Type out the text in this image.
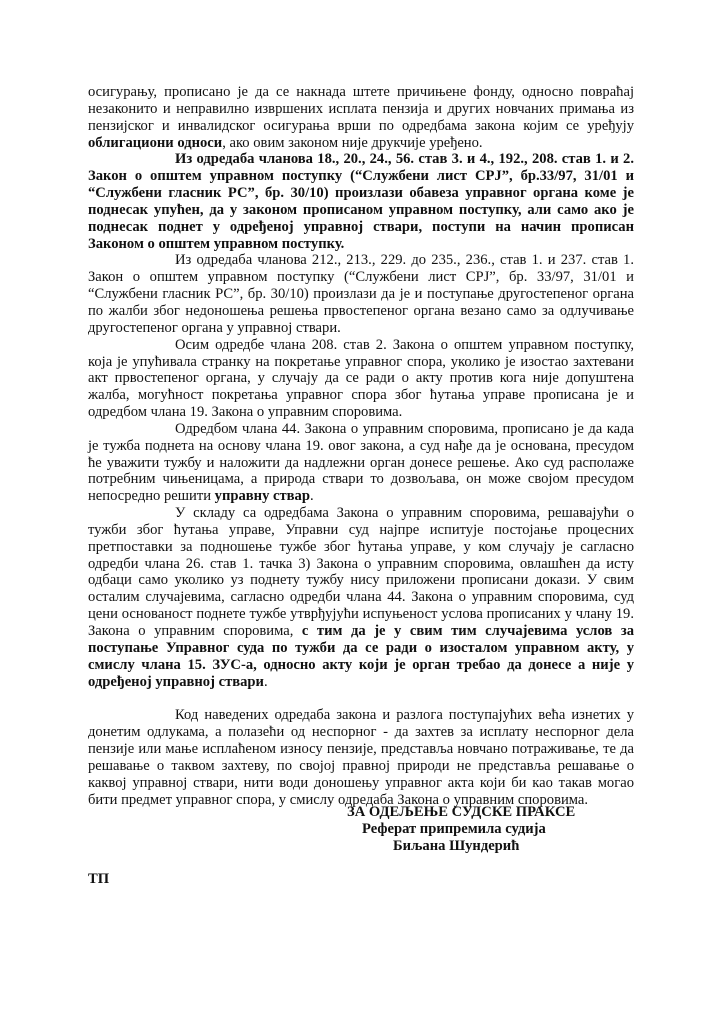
осигурању, прописано је да се накнада штете причињене фонду, односно повраћај незаконито и неправилно извршених исплата пензија и других новчаних примања из пензијског и инвалидског осигурања врши по одредбама закона којим се уређују облигациони односи, ако овим законом није друкчије уређено.

Из одредаба чланова 18., 20., 24., 56. став 3. и 4., 192., 208. став 1. и 2. Закон о општем управном поступку (“Службени лист СРЈ”, бр.33/97, 31/01 и “Службени гласник РС”, бр. 30/10) произлази обавеза управног органа коме је поднесак упућен, да у законом прописаном управном поступку, али само ако је поднесак поднет у одређеној управној ствари, поступи на начин прописан Законом о општем управном поступку.

Из одредаба чланова 212., 213., 229. до 235., 236., став 1. и 237. став 1. Закон о општем управном поступку (“Службени лист СРЈ”, бр. 33/97, 31/01 и “Службени гласник РС”, бр. 30/10) произлази да је и поступање другостепеног органа по жалби због недоношења решења првостепеног органа везано само за одлучивање другостепеног органа у управној ствари.

Осим одредбе члана 208. став 2. Закона о општем управном поступку, која је упућивала странку на покретање управног спора, уколико је изостао захтевани акт првостепеног органа, у случају да се ради о акту против кога није допуштена жалба, могућност покретања управног спора због ћутања управе прописана је и одредбом члана 19. Закона о управним споровима.

Одредбом члана 44. Закона о управним споровима, прописано је да када је тужба поднета на основу члана 19. овог закона, а суд нађе да је основана, пресудом ће уважити тужбу и наложити да надлежни орган донесе решење. Ако суд располаже потребним чињеницама, а природа ствари то дозвољава, он може својом пресудом непосредно решити управну ствар.

У складу са одредбама Закона о управним споровима, решавајући о тужби због ћутања управе, Управни суд најпре испитује постојање процесних претпоставки за подношење тужбе због ћутања управе, у ком случају је сагласно одредби члана 26. став 1. тачка 3) Закона о управним споровима, овлашћен да исту одбаци само уколико уз поднету тужбу нису приложени прописани докази. У свим осталим случајевима, сагласно одредби члана 44. Закона о управним споровима, суд цени основаност поднете тужбе утврђујући испуњеност услова прописаних у члану 19. Закона о управним споровима, с тим да је у свим тим случајевима услов за поступање Управног суда по тужби да се ради о изосталом управном акту, у смислу члана 15. ЗУС-а, односно акту који је орган требао да донесе а није у одређеној управној ствари.

Код наведених одредаба закона и разлога поступајућих већа изнетих у донетим одлукама, а полазећи од неспорног - да захтев за исплату неспорног дела пензије или мање исплаћеном износу пензије, представља новчано потраживање, те да решавање о таквом захтеву, по својој правној природи не представља решавање о каквој управној ствари, нити води доношењу управног акта који би као такав могао бити предмет управног спора, у смислу одредаба Закона о управним споровима.

ЗА ОДЕЉЕЊЕ СУДСКЕ ПРАКСЕ
Реферат припремила судија
Биљана Шундерић
ТП
